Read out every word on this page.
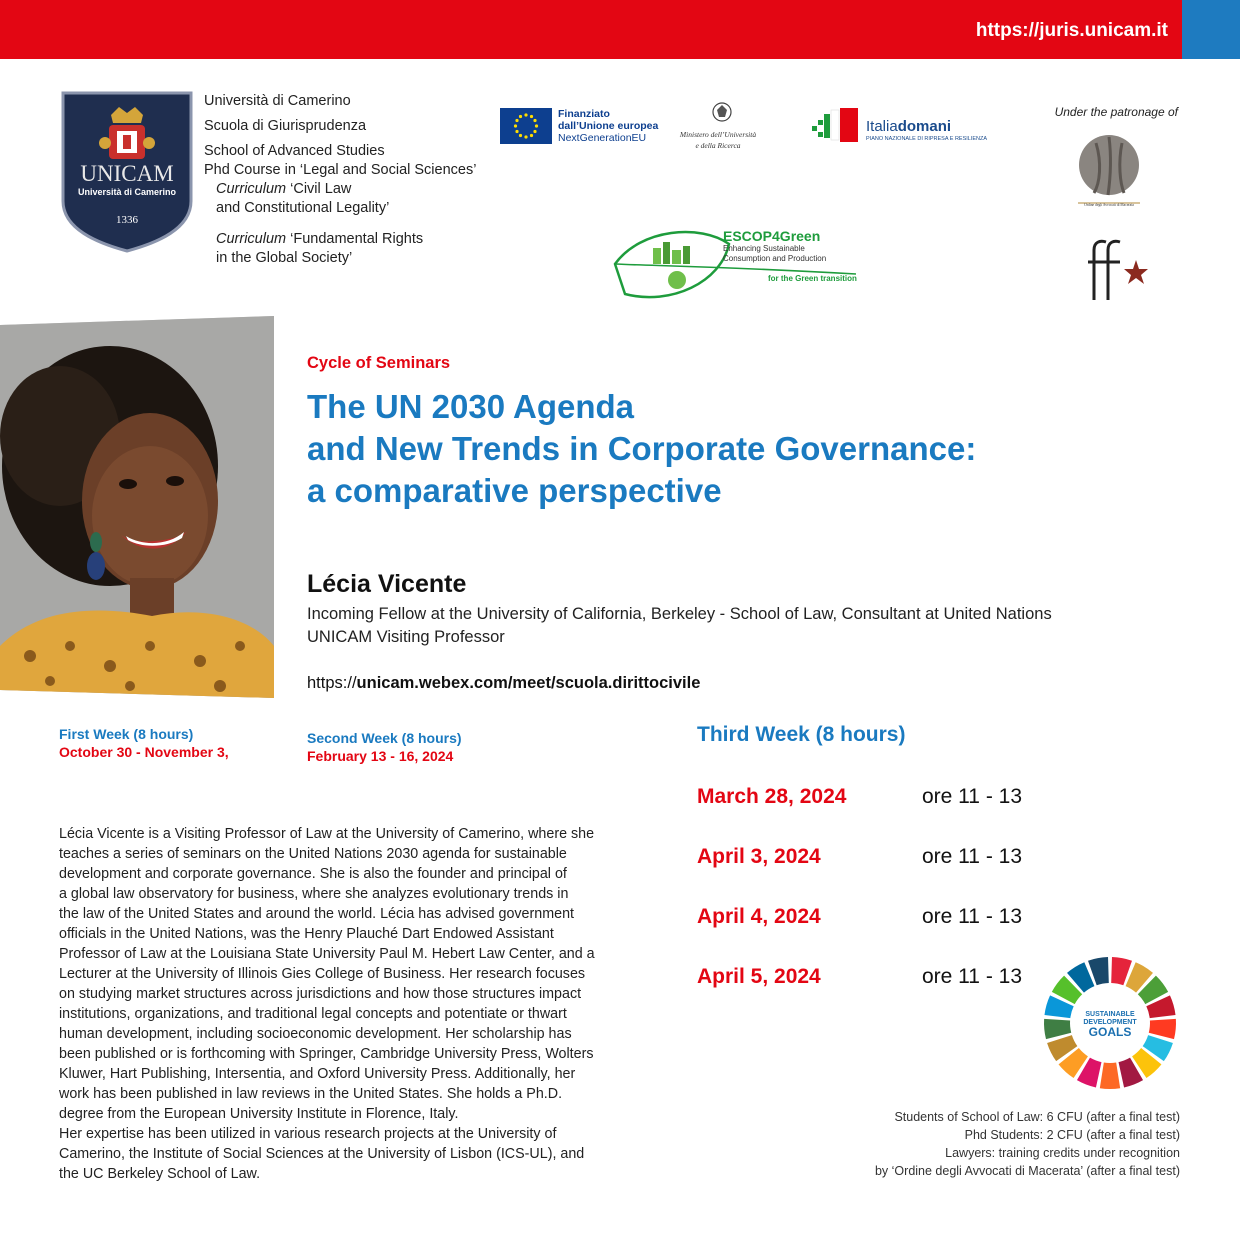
https://juris.unicam.it
UNICAM
Università di Camerino
1336
Università di Camerino
Scuola di Giurisprudenza
School of Advanced Studies
Phd Course in ‘Legal and Social Sciences’
Curriculum ‘Civil Law
and Constitutional Legality’
Curriculum ‘Fundamental Rights
in the Global Society’
Finanziato
dall’Unione europea
NextGenerationEU	Ministero dell’Università
e della Ricerca
Italiadomani
PIANO NAZIONALE DI RIPRESA E RESILIENZA
ESCOP4Green
Enhancing Sustainable
Consumption and Production
for the Green transition
Under the patronage of
Ordine degli Avvocati di Macerata
Cycle of Seminars
The UN 2030 Agenda
and New Trends in Corporate Governance:
a comparative perspective
Lécia Vicente
Incoming Fellow at the University of California, Berkeley - School of Law, Consultant at United Nations
UNICAM Visiting Professor
https://unicam.webex.com/meet/scuola.dirittocivile
First Week (8 hours)
October 30 - November 3,
Second Week (8 hours)
February 13 - 16, 2024
Third Week (8 hours)
March 28, 2024	ore 11 - 13
April 3, 2024	ore 11 - 13
April 4, 2024	ore 11 - 13
April 5, 2024	ore 11 - 13
Lécia Vicente is a Visiting Professor of Law at the University of Camerino, where she
teaches a series of seminars on the United Nations 2030 agenda for sustainable
development and corporate governance. She is also the founder and principal of
a global law observatory for business, where she analyzes evolutionary trends in
the law of the United States and around the world. Lécia has advised government
officials in the United Nations, was the Henry Plauché Dart Endowed Assistant
Professor of Law at the Louisiana State University Paul M. Hebert Law Center, and a
Lecturer at the University of Illinois Gies College of Business. Her research focuses
on studying market structures across jurisdictions and how those structures impact
institutions, organizations, and traditional legal concepts and potentiate or thwart
human development, including socioeconomic development. Her scholarship has
been published or is forthcoming with Springer, Cambridge University Press, Wolters
Kluwer, Hart Publishing, Intersentia, and Oxford University Press. Additionally, her
work has been published in law reviews in the United States. She holds a Ph.D.
degree from the European University Institute in Florence, Italy.
Her expertise has been utilized in various research projects at the University of
Camerino, the Institute of Social Sciences at the University of Lisbon (ICS-UL), and
the UC Berkeley School of Law.
SUSTAINABLE
DEVELOPMENT
GOALS
Students of School of Law: 6 CFU (after a final test)
Phd Students: 2 CFU (after a final test)
Lawyers: training credits under recognition
by ‘Ordine degli Avvocati di Macerata’ (after a final test)
